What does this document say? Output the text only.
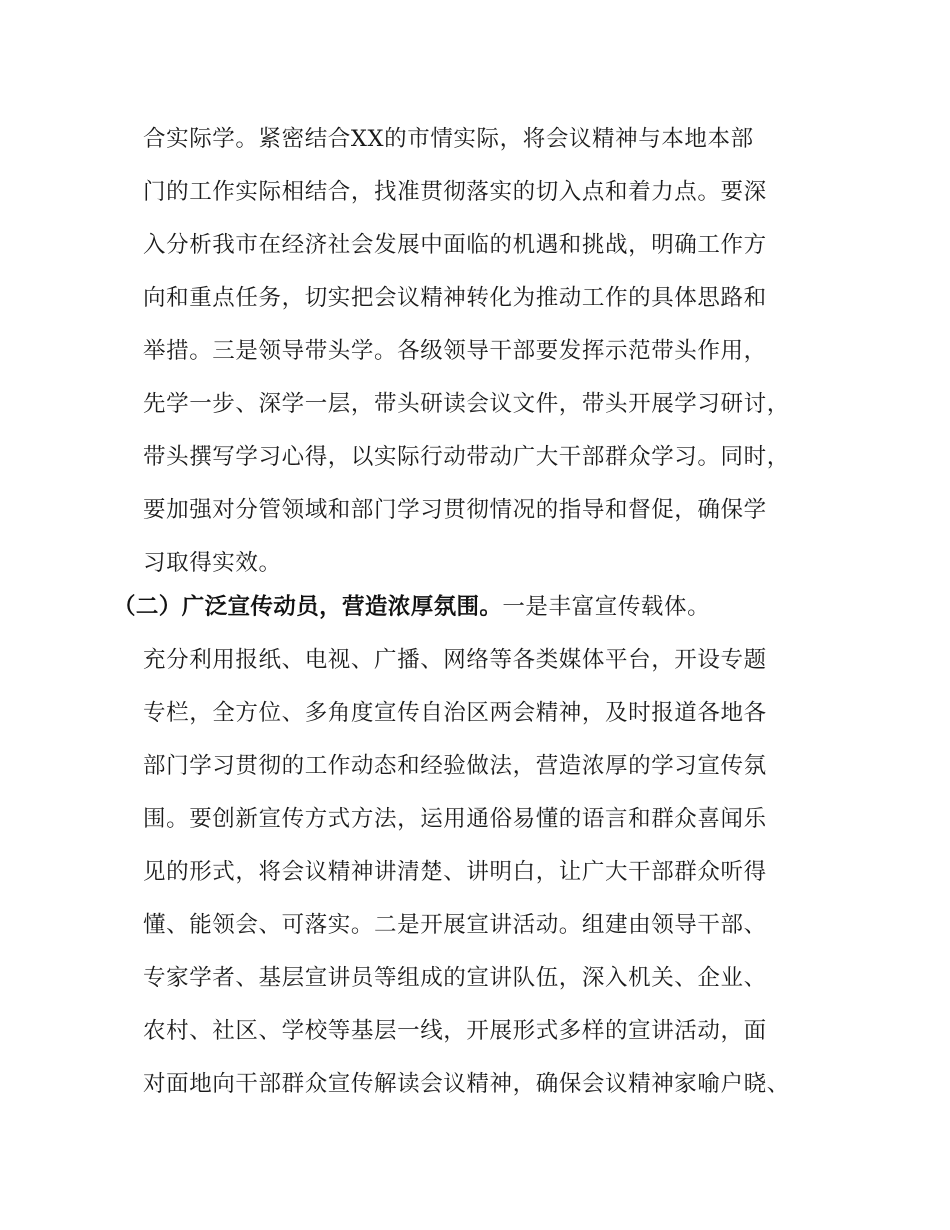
合实际学。紧密结合XX的市情实际，将会议精神与本地本部
门的工作实际相结合，找准贯彻落实的切入点和着力点。要深
入分析我市在经济社会发展中面临的机遇和挑战，明确工作方
向和重点任务，切实把会议精神转化为推动工作的具体思路和
举措。三是领导带头学。各级领导干部要发挥示范带头作用，
先学一步、深学一层，带头研读会议文件，带头开展学习研讨，
带头撰写学习心得，以实际行动带动广大干部群众学习。同时，
要加强对分管领域和部门学习贯彻情况的指导和督促，确保学
习取得实效。
（二）广泛宣传动员，营造浓厚氛围。一是丰富宣传载体。
充分利用报纸、电视、广播、网络等各类媒体平台，开设专题
专栏，全方位、多角度宣传自治区两会精神，及时报道各地各
部门学习贯彻的工作动态和经验做法，营造浓厚的学习宣传氛
围。要创新宣传方式方法，运用通俗易懂的语言和群众喜闻乐
见的形式，将会议精神讲清楚、讲明白，让广大干部群众听得
懂、能领会、可落实。二是开展宣讲活动。组建由领导干部、
专家学者、基层宣讲员等组成的宣讲队伍，深入机关、企业、
农村、社区、学校等基层一线，开展形式多样的宣讲活动，面
对面地向干部群众宣传解读会议精神，确保会议精神家喻户晓、
